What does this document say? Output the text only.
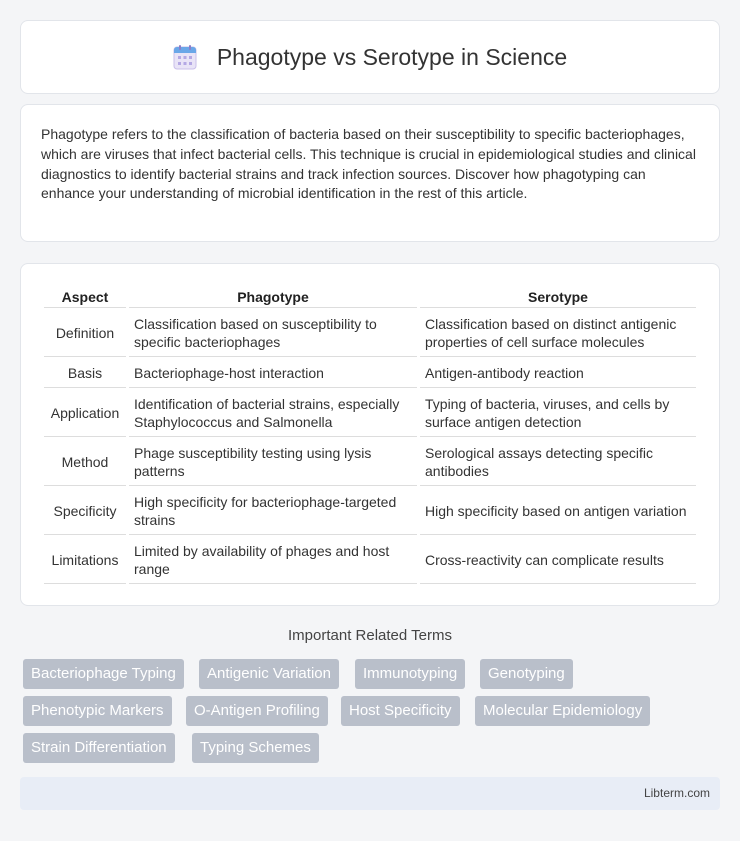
Phagotype vs Serotype in Science

Phagotype refers to the classification of bacteria based on their susceptibility to specific bacteriophages, which are viruses that infect bacterial cells. This technique is crucial in epidemiological studies and clinical diagnostics to identify bacterial strains and track infection sources. Discover how phagotyping can enhance your understanding of microbial identification in the rest of this article.

Aspect	Phagotype	Serotype
Definition	Classification based on susceptibility to specific bacteriophages	Classification based on distinct antigenic properties of cell surface molecules
Basis	Bacteriophage-host interaction	Antigen-antibody reaction
Application	Identification of bacterial strains, especially Staphylococcus and Salmonella	Typing of bacteria, viruses, and cells by surface antigen detection
Method	Phage susceptibility testing using lysis patterns	Serological assays detecting specific antibodies
Specificity	High specificity for bacteriophage-targeted strains	High specificity based on antigen variation
Limitations	Limited by availability of phages and host range	Cross-reactivity can complicate results
Important Related Terms
Bacteriophage Typing	Antigenic Variation	Immunotyping	Genotyping
Phenotypic Markers	O-Antigen Profiling	Host Specificity	Molecular Epidemiology
Strain Differentiation	Typing Schemes
Libterm.com
